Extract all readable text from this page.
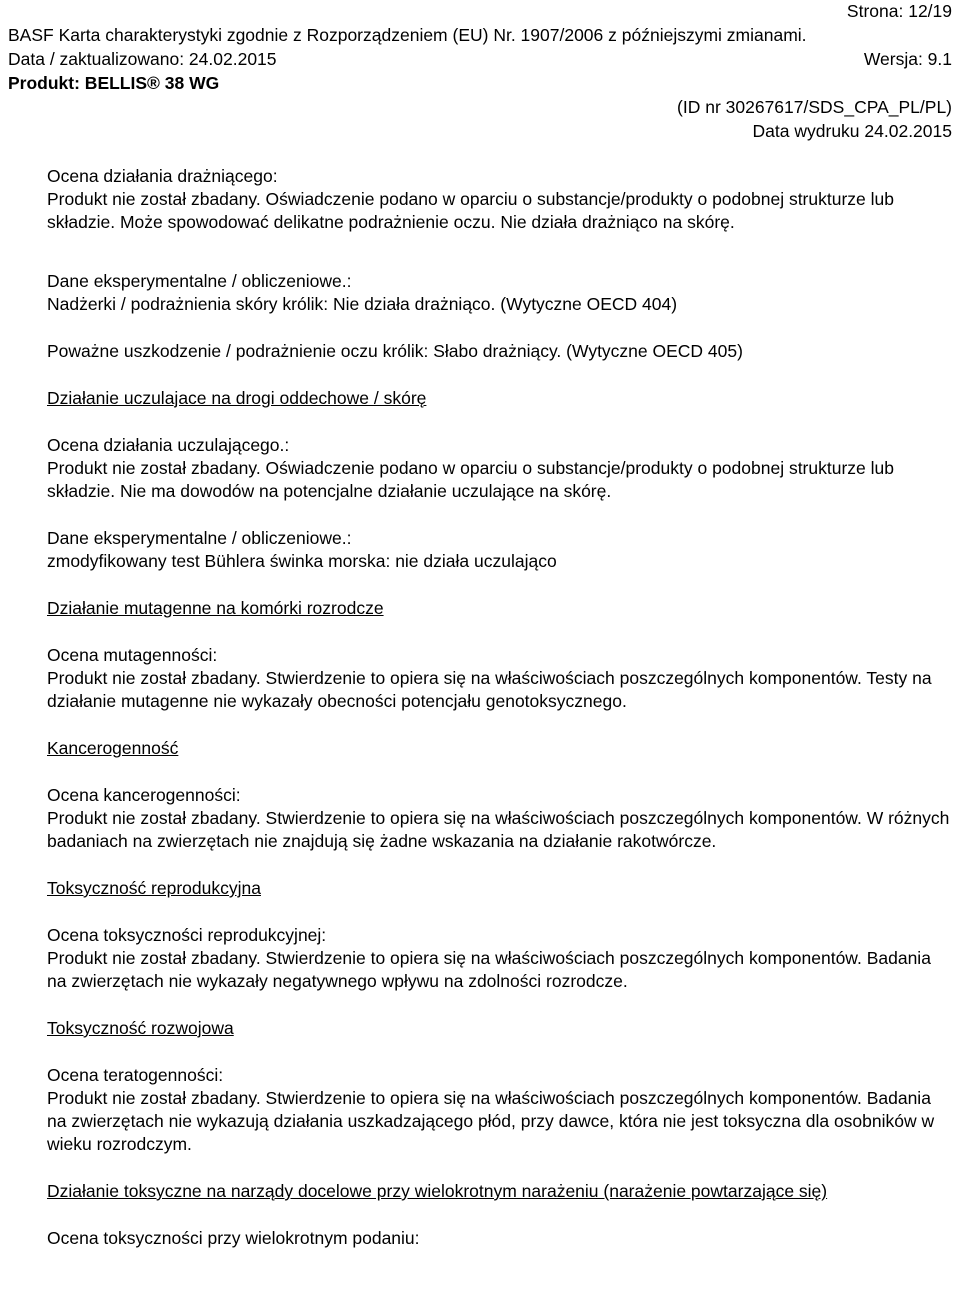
Strona: 12/19
BASF Karta charakterystyki zgodnie z Rozporządzeniem (EU) Nr. 1907/2006 z późniejszymi zmianami.
Data / zaktualizowano: 24.02.2015	Wersja: 9.1
Produkt: BELLIS® 38 WG
(ID nr 30267617/SDS_CPA_PL/PL)
Data wydruku 24.02.2015

Ocena działania drażniącego:

Produkt nie został zbadany. Oświadczenie podano w oparciu o substancje/produkty o podobnej strukturze lub składzie. Może spowodować delikatne podrażnienie oczu. Nie działa drażniąco na skórę.

Dane eksperymentalne / obliczeniowe.:

Nadżerki / podrażnienia skóry królik: Nie działa drażniąco. (Wytyczne OECD 404)

Poważne uszkodzenie / podrażnienie oczu królik: Słabo drażniący. (Wytyczne OECD 405)

Działanie uczulajace na drogi oddechowe / skórę

Ocena działania uczulającego.:

Produkt nie został zbadany. Oświadczenie podano w oparciu o substancje/produkty o podobnej strukturze lub składzie. Nie ma dowodów na potencjalne działanie uczulające na skórę.

Dane eksperymentalne / obliczeniowe.:

zmodyfikowany test Bühlera świnka morska: nie działa uczulająco

Działanie mutagenne na komórki rozrodcze

Ocena mutagenności:

Produkt nie został zbadany. Stwierdzenie to opiera się na właściwościach poszczególnych komponentów. Testy na działanie mutagenne nie wykazały obecności potencjału genotoksycznego.

Kancerogenność

Ocena kancerogenności:

Produkt nie został zbadany. Stwierdzenie to opiera się na właściwościach poszczególnych komponentów. W różnych badaniach na zwierzętach nie znajdują się żadne wskazania na działanie rakotwórcze.

Toksyczność reprodukcyjna

Ocena toksyczności reprodukcyjnej:

Produkt nie został zbadany. Stwierdzenie to opiera się na właściwościach poszczególnych komponentów. Badania na zwierzętach nie wykazały negatywnego wpływu na zdolności rozrodcze.

Toksyczność rozwojowa

Ocena teratogenności:

Produkt nie został zbadany. Stwierdzenie to opiera się na właściwościach poszczególnych komponentów. Badania na zwierzętach nie wykazują działania uszkadzającego płód, przy dawce, która nie jest toksyczna dla osobników w wieku rozrodczym.

Działanie toksyczne na narządy docelowe przy wielokrotnym narażeniu (narażenie powtarzające się)

Ocena toksyczności przy wielokrotnym podaniu:
